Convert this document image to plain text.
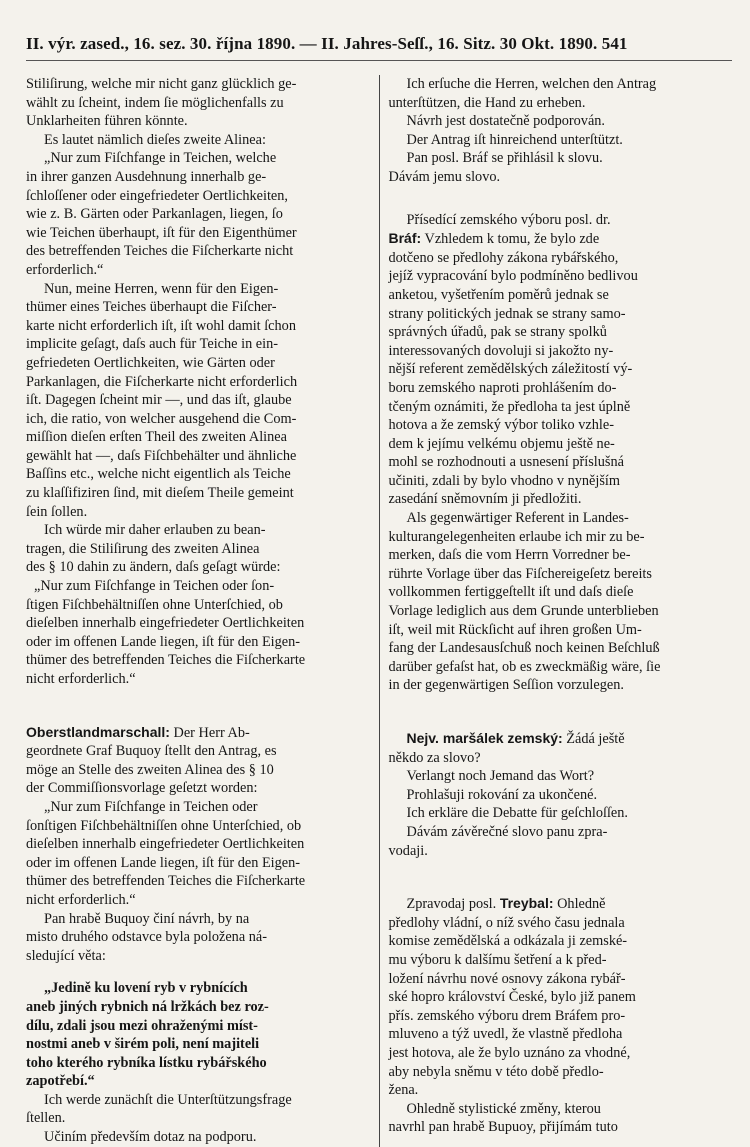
II. výr. zased., 16. sez. 30. října 1890. — II. Jahres-Seſſ., 16. Sitz. 30 Okt. 1890. 541

Stiliſirung, welche mir nicht ganz glücklich ge-
wählt zu ſcheint, indem ſie möglichenfalls zu
Unklarheiten führen könnte.

Es lautet nämlich dieſes zweite Alinea:

„Nur zum Fiſchfange in Teichen, welche
in ihrer ganzen Ausdehnung innerhalb ge-
ſchloſſener oder eingefriedeter Oertlichkeiten,
wie z. B. Gärten oder Parkanlagen, liegen, ſo
wie Teichen überhaupt, iſt für den Eigenthümer
des betreffenden Teiches die Fiſcherkarte nicht
erforderlich.“

Nun, meine Herren, wenn für den Eigen-
thümer eines Teiches überhaupt die Fiſcher-
karte nicht erforderlich iſt, iſt wohl damit ſchon
implicite geſagt, daſs auch für Teiche in ein-
gefriedeten Oertlichkeiten, wie Gärten oder
Parkanlagen, die Fiſcherkarte nicht erforderlich
iſt. Dagegen ſcheint mir —, und das iſt, glaube
ich, die ratio, von welcher ausgehend die Com-
miſſion dieſen erſten Theil des zweiten Alinea
gewählt hat —, daſs Fiſchbehälter und ähnliche
Baſſins etc., welche nicht eigentlich als Teiche
zu klaſſifiziren ſind, mit dieſem Theile gemeint
ſein ſollen.

Ich würde mir daher erlauben zu bean-
tragen, die Stiliſirung des zweiten Alinea
des § 10 dahin zu ändern, daſs geſagt würde:

„Nur zum Fiſchfange in Teichen oder ſon-
ſtigen Fiſchbehältniſſen ohne Unterſchied, ob
dieſelben innerhalb eingefriedeter Oertlichkeiten
oder im offenen Lande liegen, iſt für den Eigen-
thümer des betreffenden Teiches die Fiſcherkarte
nicht erforderlich.“

Oberstlandmarschall: Der Herr Ab-
geordnete Graf Buquoy ſtellt den Antrag, es
möge an Stelle des zweiten Alinea des § 10
der Commiſſionsvorlage geſetzt worden:

„Nur zum Fiſchfange in Teichen oder
ſonſtigen Fiſchbehältniſſen ohne Unterſchied, ob
dieſelben innerhalb eingefriedeter Oertlichkeiten
oder im offenen Lande liegen, iſt für den Eigen-
thümer des betreffenden Teiches die Fiſcherkarte
nicht erforderlich.“

Pan hrabě Buquoy činí návrh, by na
misto druhého odstavce byla položena ná-
sledující věta:

„Jedině ku lovení ryb v rybnících
aneb jiných rybnich ná lržkách bez roz-
dílu, zdali jsou mezi ohraženými míst-
nostmi aneb v širém poli, není majiteli
toho kterého rybníka lístku rybářského
zapotřebí.“

Ich werde zunächſt die Unterſtützungsfrage
ſtellen.

Učiním především dotaz na podporu.

Ich erſuche die Herren, welchen den Antrag
unterſtützen, die Hand zu erheben.

Návrh jest dostatečně podporován.

Der Antrag iſt hinreichend unterſtützt.

Pan posl. Bráf se přihlásil k slovu.
Dávám jemu slovo.

Přísedící zemského výboru posl. dr.
Bráf: Vzhledem k tomu, že bylo zde
dotčeno se předlohy zákona rybářského,
jejíž vypracování bylo podmíněno bedlivou
anketou, vyšetřením poměrů jednak se
strany politických jednak se strany samo-
správných úřadů, pak se strany spolků
interessovaných dovoluji si jakožto ny-
nější referent zemědělských záležitostí vý-
boru zemského naproti prohlášením do-
tčeným oznámiti, že předloha ta jest úplně
hotova a že zemský výbor toliko vzhle-
dem k jejímu velkému objemu ještě ne-
mohl se rozhodnouti a usnesení příslušná
učiniti, zdali by bylo vhodno v nynějším
zasedání sněmovním ji předložiti.

Als gegenwärtiger Referent in Landes-
kulturangelegenheiten erlaube ich mir zu be-
merken, daſs die vom Herrn Vorredner be-
rührte Vorlage über das Fiſchereigeſetz bereits
vollkommen fertiggeſtellt iſt und daſs dieſe
Vorlage lediglich aus dem Grunde unterblieben
iſt, weil mit Rückſicht auf ihren großen Um-
fang der Landesausſchuß noch keinen Beſchluß
darüber gefaſst hat, ob es zweckmäßig wäre, ſie
in der gegenwärtigen Seſſion vorzulegen.

Nejv. maršálek zemský: Žádá ještě
někdo za slovo?

Verlangt noch Jemand das Wort?

Prohlašuji rokování za ukončené.

Ich erkläre die Debatte für geſchloſſen.

Dávám závěrečné slovo panu zpra-
vodaji.

Zpravodaj posl. Treybal: Ohledně
předlohy vládní, o níž svého času jednala
komise zemědělská a odkázala ji zemské-
mu výboru k dalšímu šetření a k před-
ložení návrhu nové osnovy zákona rybář-
ské hopro království České, bylo již panem
přís. zemského výboru drem Bráfem pro-
mluveno a týž uvedl, že vlastně předloha
jest hotova, ale že bylo uznáno za vhodné,
aby nebyla sněmu v této době předlo-
žena.

Ohledně stylistické změny, kterou
navrhl pan hrabě Bupuoy, přijímám tuto
